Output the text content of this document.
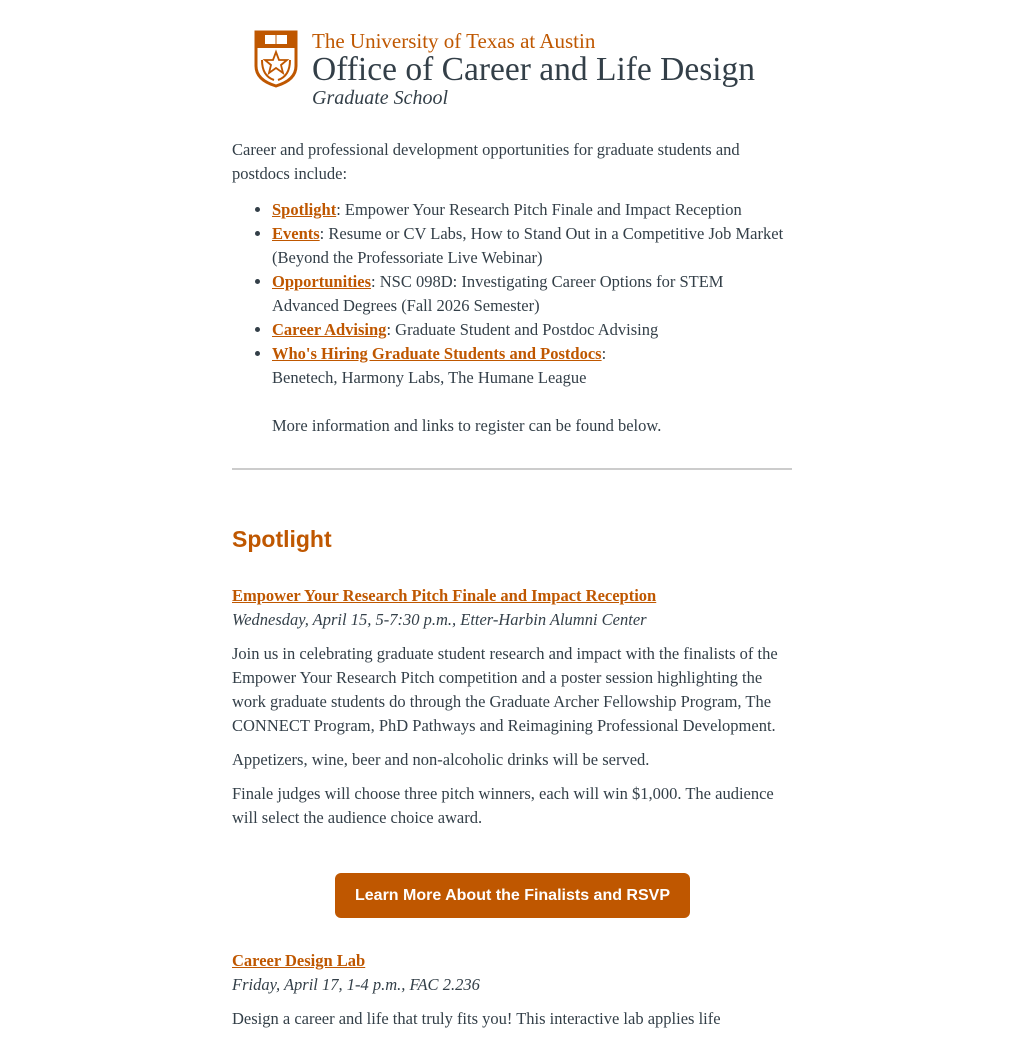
The University of Texas at Austin
Office of Career and Life Design
Graduate School

Career and professional development opportunities for graduate students and postdocs include:

• Spotlight: Empower Your Research Pitch Finale and Impact Reception
• Events: Resume or CV Labs, How to Stand Out in a Competitive Job Market (Beyond the Professoriate Live Webinar)
• Opportunities: NSC 098D: Investigating Career Options for STEM Advanced Degrees (Fall 2026 Semester)
• Career Advising: Graduate Student and Postdoc Advising
• Who's Hiring Graduate Students and Postdocs:
Benetech, Harmony Labs, The Humane League

More information and links to register can be found below.

Spotlight
Empower Your Research Pitch Finale and Impact Reception

Wednesday, April 15, 5-7:30 p.m., Etter-Harbin Alumni Center

Join us in celebrating graduate student research and impact with the finalists of the Empower Your Research Pitch competition and a poster session highlighting the work graduate students do through the Graduate Archer Fellowship Program, The CONNECT Program, PhD Pathways and Reimagining Professional Development.

Appetizers, wine, beer and non-alcoholic drinks will be served.

Finale judges will choose three pitch winners, each will win $1,000. The audience will select the audience choice award.

Learn More About the Finalists and RSVP
Career Design Lab

Friday, April 17, 1-4 p.m., FAC 2.236

Design a career and life that truly fits you! This interactive lab applies life
